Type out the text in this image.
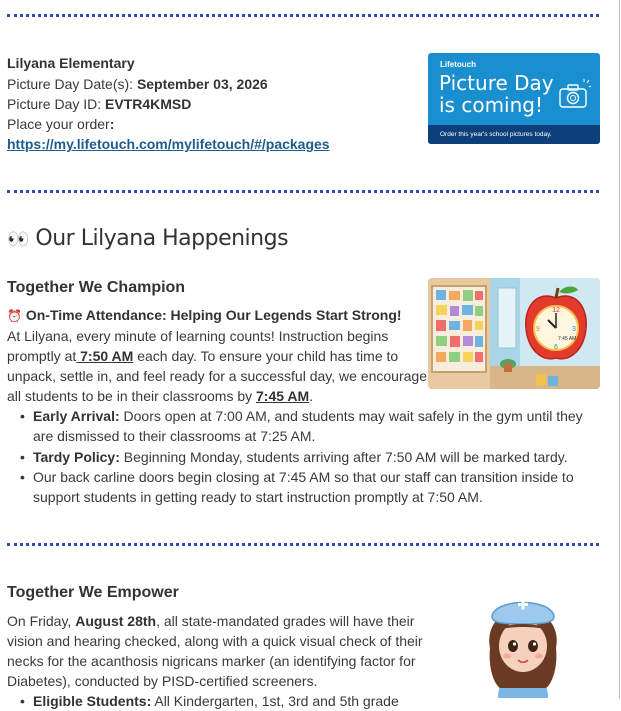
Lilyana Elementary
Picture Day Date(s): September 03, 2026
Picture Day ID: EVTR4KMSD
Place your order:
https://my.lifetouch.com/mylifetouch/#/packages
Lifetouch
Picture Day
is coming!
Order this year's school pictures today.
👀 Our Lilyana Happenings
Together We Champion
⏰ On-Time Attendance: Helping Our Legends Start Strong!
At Lilyana, every minute of learning counts! Instruction begins
promptly at 7:50 AM each day. To ensure your child has time to
unpack, settle in, and feel ready for a successful day, we encourage
all students to be in their classrooms by 7:45 AM.
12
3
6
9
7:45 AM
• Early Arrival: Doors open at 7:00 AM, and students may wait safely in the gym until they are dismissed to their classrooms at 7:25 AM.
• Tardy Policy: Beginning Monday, students arriving after 7:50 AM will be marked tardy.
• Our back carline doors begin closing at 7:45 AM so that our staff can transition inside to support students in getting ready to start instruction promptly at 7:50 AM.
Together We Empower
On Friday, August 28th, all state-mandated grades will have their
vision and hearing checked, along with a quick visual check of their
necks for the acanthosis nigricans marker (an identifying factor for
Diabetes), conducted by PISD-certified screeners.
• Eligible Students: All Kindergarten, 1st, 3rd and 5th grade
